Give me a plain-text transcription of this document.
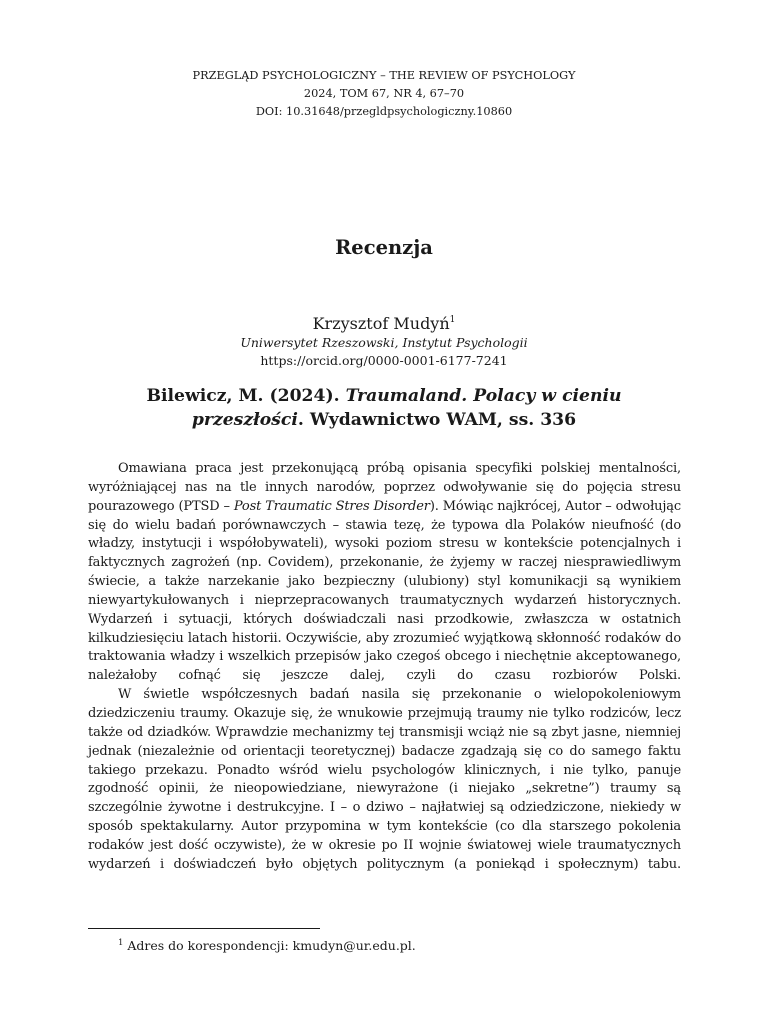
PRZEGLĄD PSYCHOLOGICZNY – THE REVIEW OF PSYCHOLOGY
2024, TOM 67, NR 4, 67–70
DOI: 10.31648/przegldpsychologiczny.10860
Recenzja
Krzysztof Mudyń$^1$
Uniwersytet Rzeszowski, Instytut Psychologii
https://orcid.org/0000-0001-6177-7241
Bilewicz, M. (2024). Traumaland. Polacy w cieniu przeszłości. Wydawnictwo WAM, ss. 336

Omawiana praca jest przekonującą próbą opisania specyfiki polskiej mentalności, wyróżniającej nas na tle innych narodów, poprzez odwoływanie się do pojęcia stresu pourazowego (PTSD – Post Traumatic Stres Disorder). Mówiąc najkrócej, Autor – odwołując się do wielu badań porównawczych – stawia tezę, że typowa dla Polaków nieufność (do władzy, instytucji i współobywateli), wysoki poziom stresu w kontekście potencjalnych i faktycznych zagrożeń (np. Covidem), przekonanie, że żyjemy w raczej niesprawiedliwym świecie, a także narzekanie jako bezpieczny (ulubiony) styl komunikacji są wynikiem niewyartykułowanych i nieprzepracowanych traumatycznych wydarzeń historycznych. Wydarzeń i sytuacji, których doświadczali nasi przodkowie, zwłaszcza w ostatnich kilkudziesięciu latach historii. Oczywiście, aby zrozumieć wyjątkową skłonność rodaków do traktowania władzy i wszelkich przepisów jako czegoś obcego i niechętnie akceptowanego, należałoby cofnąć się jeszcze dalej, czyli do czasu rozbiorów Polski.

W świetle współczesnych badań nasila się przekonanie o wielopokoleniowym dziedziczeniu traumy. Okazuje się, że wnukowie przejmują traumy nie tylko rodziców, lecz także od dziadków. Wprawdzie mechanizmy tej transmisji wciąż nie są zbyt jasne, niemniej jednak (niezależnie od orientacji teoretycznej) badacze zgadzają się co do samego faktu takiego przekazu. Ponadto wśród wielu psychologów klinicznych, i nie tylko, panuje zgodność opinii, że nieopowiedziane, niewyrażone (i niejako „sekretne”) traumy są szczególnie żywotne i destrukcyjne. I – o dziwo – najłatwiej są odziedziczone, niekiedy w sposób spektakularny. Autor przypomina w tym kontekście (co dla starszego pokolenia rodaków jest dość oczywiste), że w okresie po II wojnie światowej wiele traumatycznych wydarzeń i doświadczeń było objętych politycznym (a poniekąd i społecznym) tabu.

$^1$ Adres do korespondencji: kmudyn@ur.edu.pl.
